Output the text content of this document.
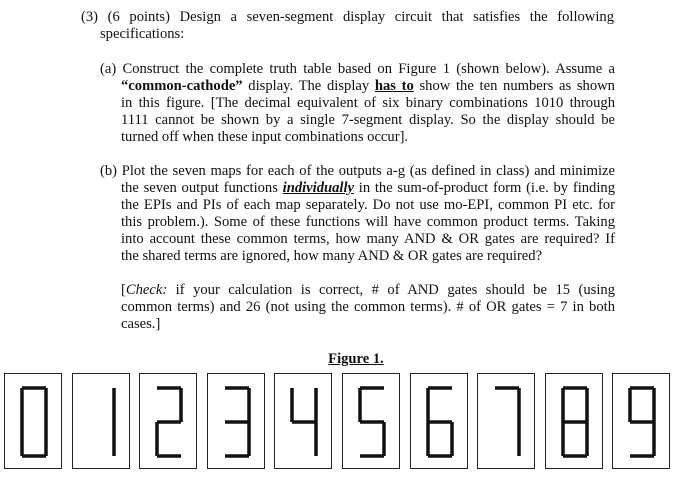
(3) (6 points) Design a seven-segment display circuit that satisfies the following

specifications:

(a) Construct the complete truth table based on Figure 1 (shown below). Assume a

“common-cathode” display. The display has to show the ten numbers as shown

in this figure. [The decimal equivalent of six binary combinations 1010 through

1111 cannot be shown by a single 7-segment display. So the display should be

turned off when these input combinations occur].

(b) Plot the seven maps for each of the outputs a-g (as defined in class) and minimize

the seven output functions individually in the sum-of-product form (i.e. by finding

the EPIs and PIs of each map separately. Do not use mo-EPI, common PI etc. for

this problem.). Some of these functions will have common product terms. Taking

into account these common terms, how many AND & OR gates are required? If

the shared terms are ignored, how many AND & OR gates are required?

[Check: if your calculation is correct, # of AND gates should be 15 (using

common terms) and 26 (not using the common terms). # of OR gates = 7 in both

cases.]

Figure 1.
